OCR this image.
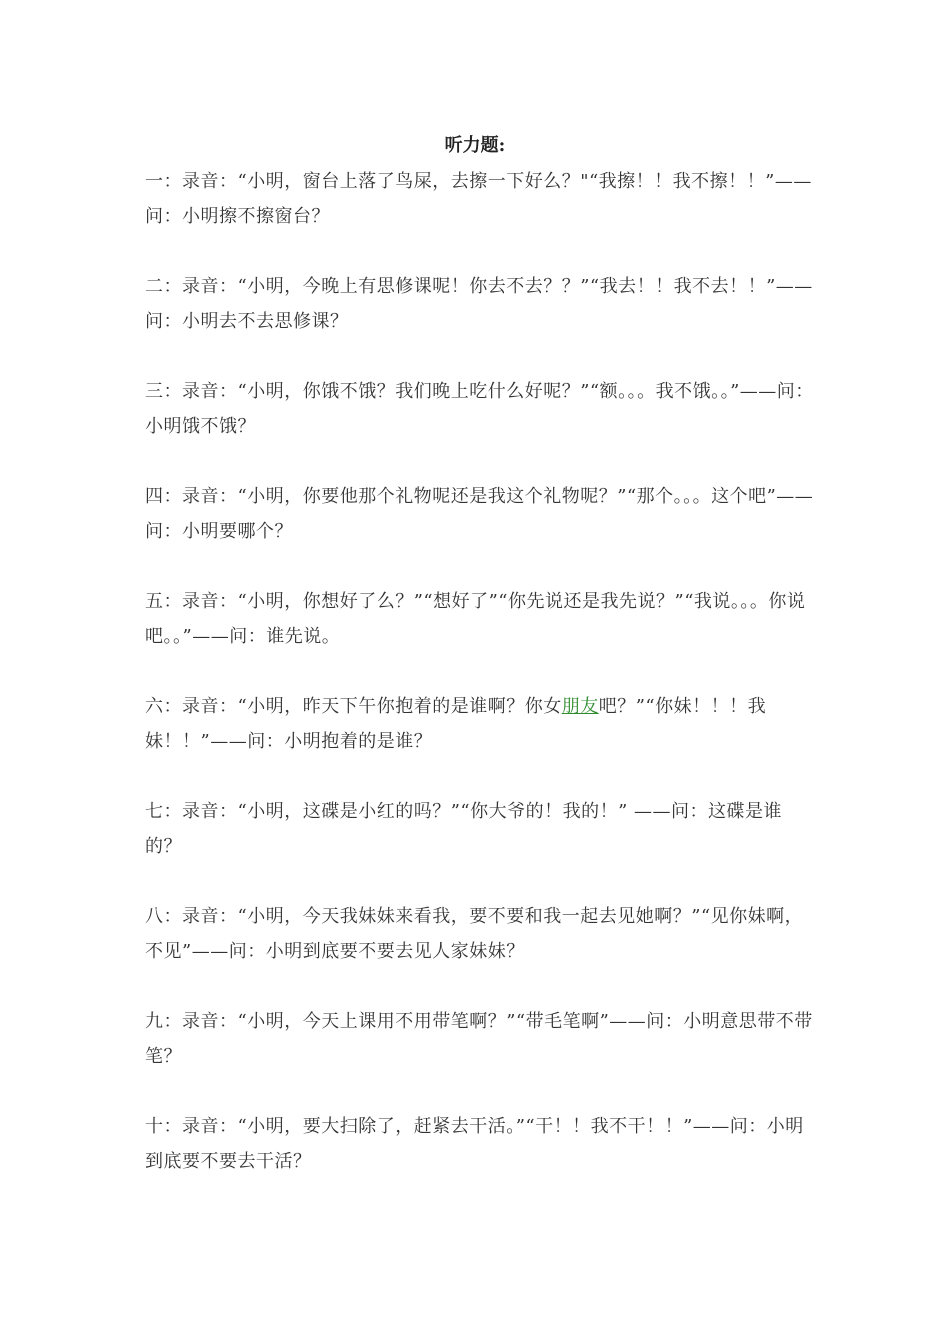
听力题:

一：录音：“小明，窗台上落了鸟屎，去擦一下好么？"“我擦！！我不擦！！”——问：小明擦不擦窗台？

二：录音：“小明，今晚上有思修课呢！你去不去？？”“我去！！我不去！！”——问：小明去不去思修课？

三：录音：“小明，你饿不饿？我们晚上吃什么好呢？”“额。。。我不饿。。”——问：小明饿不饿？

四：录音：“小明，你要他那个礼物呢还是我这个礼物呢？”“那个。。。这个吧”——问：小明要哪个？

五：录音：“小明，你想好了么？”“想好了”“你先说还是我先说？”“我说。。。你说吧。。”——问：谁先说。

六：录音：“小明，昨天下午你抱着的是谁啊？你女朋友吧？”“你妹！！！我妹！！”——问：小明抱着的是谁？

七：录音：“小明，这碟是小红的吗？”“你大爷的！我的！” ——问：这碟是谁的？

八：录音：“小明，今天我妹妹来看我，要不要和我一起去见她啊？”“见你妹啊，不见”——问：小明到底要不要去见人家妹妹？

九：录音：“小明，今天上课用不用带笔啊？”“带毛笔啊”——问：小明意思带不带笔？

十：录音：“小明，要大扫除了，赶紧去干活。”“干！！我不干！！”——问：小明到底要不要去干活？
